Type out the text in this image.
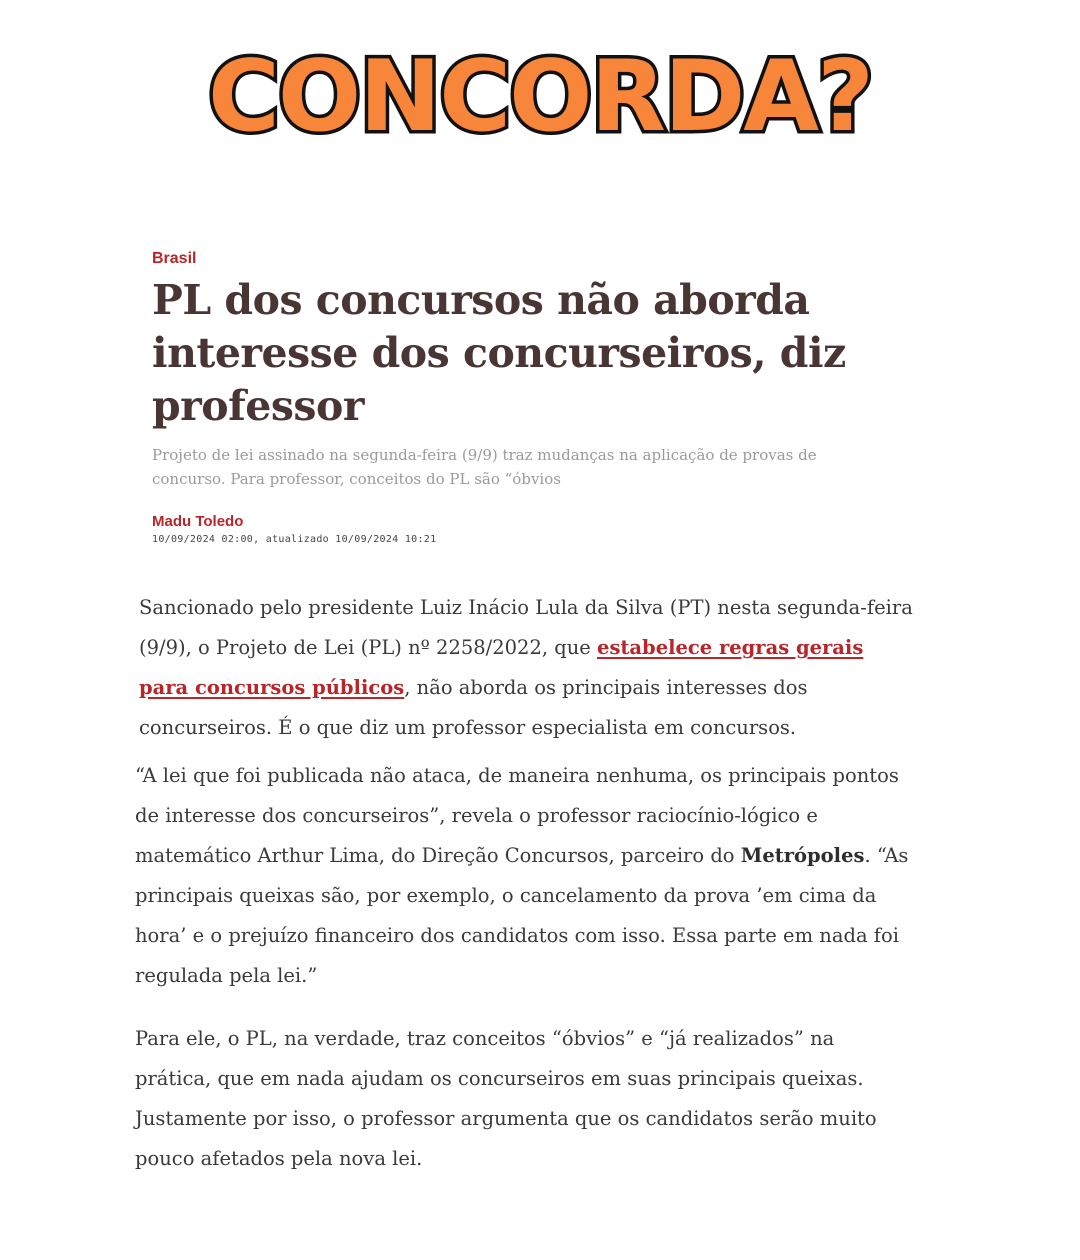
CONCORDA?
Brasil
PL dos concursos não aborda interesse dos concurseiros, diz professor

Projeto de lei assinado na segunda-feira (9/9) traz mudanças na aplicação de provas de concurso. Para professor, conceitos do PL são “óbvios

Madu Toledo
10/09/2024 02:00, atualizado 10/09/2024 10:21

Sancionado pelo presidente Luiz Inácio Lula da Silva (PT) nesta segunda-feira (9/9), o Projeto de Lei (PL) nº 2258/2022, que estabelece regras gerais para concursos públicos, não aborda os principais interesses dos concurseiros. É o que diz um professor especialista em concursos.

“A lei que foi publicada não ataca, de maneira nenhuma, os principais pontos de interesse dos concurseiros”, revela o professor raciocínio-lógico e matemático Arthur Lima, do Direção Concursos, parceiro do Metrópoles. “As principais queixas são, por exemplo, o cancelamento da prova ’em cima da hora’ e o prejuízo financeiro dos candidatos com isso. Essa parte em nada foi regulada pela lei.”

Para ele, o PL, na verdade, traz conceitos “óbvios” e “já realizados” na prática, que em nada ajudam os concurseiros em suas principais queixas. Justamente por isso, o professor argumenta que os candidatos serão muito pouco afetados pela nova lei.
